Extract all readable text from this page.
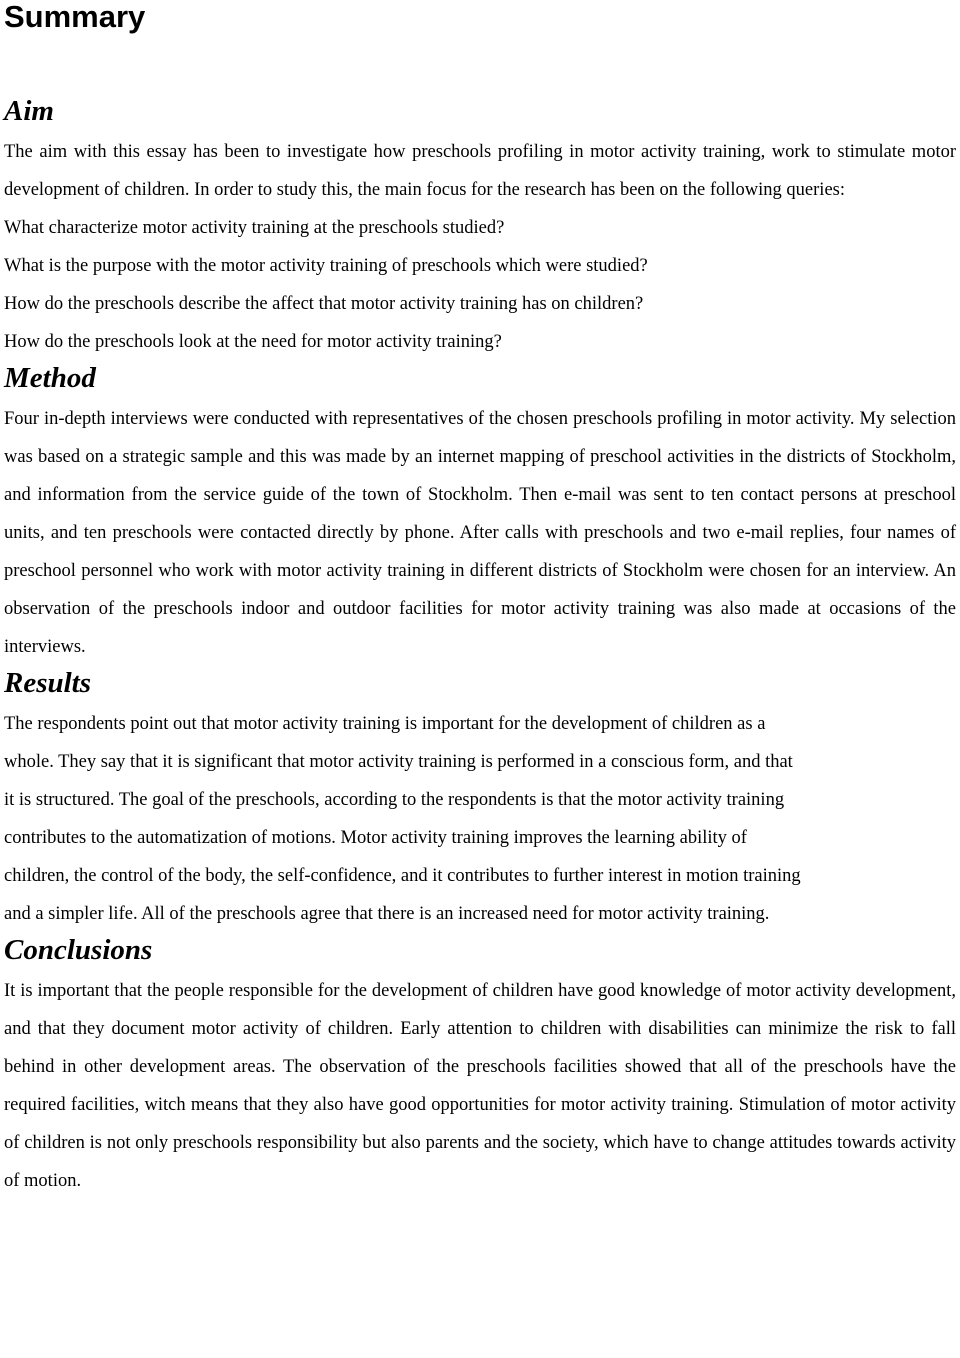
Summary
Aim

The aim with this essay has been to investigate how preschools profiling in motor activity training, work to stimulate motor development of children. In order to study this, the main focus for the research has been on the following queries:

What characterize motor activity training at the preschools studied?

What is the purpose with the motor activity training of preschools which were studied?

How do the preschools describe the affect that motor activity training has on children?

How do the preschools look at the need for motor activity training?

Method

Four in-depth interviews were conducted with representatives of the chosen preschools profiling in motor activity. My selection was based on a strategic sample and this was made by an internet mapping of preschool activities in the districts of Stockholm, and information from the service guide of the town of Stockholm. Then e-mail was sent to ten contact persons at preschool units, and ten preschools were contacted directly by phone. After calls with preschools and two e-mail replies, four names of preschool personnel who work with motor activity training in different districts of Stockholm were chosen for an interview. An observation of the preschools indoor and outdoor facilities for motor activity training was also made at occasions of the interviews.

Results

The respondents point out that motor activity training is important for the development of children as a

whole. They say that it is significant that motor activity training is performed in a conscious form, and that

it is structured. The goal of the preschools, according to the respondents is that the motor activity training

contributes to the automatization of motions. Motor activity training improves the learning ability of

children, the control of the body, the self-confidence, and it contributes to further interest in motion training

and a simpler life. All of the preschools agree that there is an increased need for motor activity training.

Conclusions

It is important that the people responsible for the development of children have good knowledge of motor activity development, and that they document motor activity of children. Early attention to children with disabilities can minimize the risk to fall behind in other development areas. The observation of the preschools facilities showed that all of the preschools have the required facilities, witch means that they also have good opportunities for motor activity training. Stimulation of motor activity of children is not only preschools responsibility but also parents and the society, which have to change attitudes towards activity of motion.
